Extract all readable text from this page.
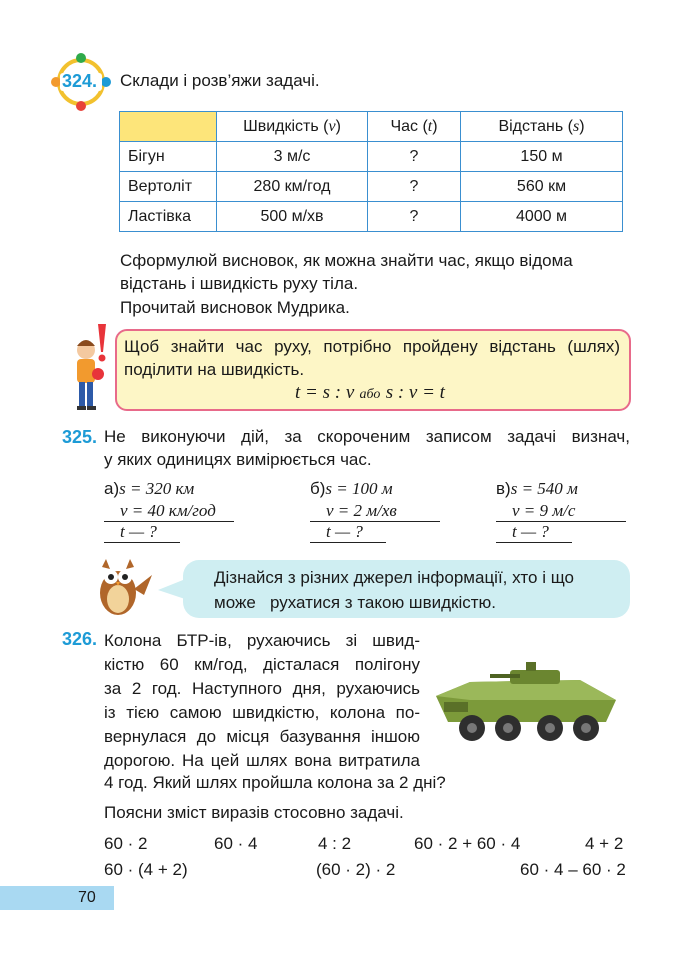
324. Склади і розв’яжи задачі.
	Швидкість (v)	Час (t)	Відстань (s)
Бігун	3 м/с	?	150 м
Вертоліт	280 км/год	?	560 км
Ластівка	500 м/хв	?	4000 м
Сформулюй висновок, як можна знайти час, якщо відома
відстань і швидкість руху тіла.
Прочитай висновок Мудрика.
Щоб знайти час руху, потрібно пройдену відстань (шлях)
поділити на швидкість.
t = s : v або s : v = t
325. Не виконуючи дій, за скороченим записом задачі визнач,
у яких одиницях вимірюється час.
а)s = 320 км
v = 40 км/год
t — ?
б)s = 100 м
v = 2 м/хв
t — ?
в)s = 540 м
v = 9 м/с
t — ?
Дізнайся з різних джерел інформації, хто і що
може   рухатися з такою швидкістю.
326. Колона БТР-ів, рухаючись зі швид-
кістю 60 км/год, дісталася полігону
за 2 год. Наступного дня, рухаючись
із тією самою швидкістю, колона по-
вернулася до місця базування іншою
дорогою. На цей шлях вона витратила
4 год. Який шлях пройшла колона за 2 дні?
Поясни зміст виразів стосовно задачі.
60 · 2	60 · 4	4 : 2	60 · 2 + 60 · 4	4 + 2
60 · (4 + 2)	(60 · 2) · 2	60 · 4 – 60 · 2
70
